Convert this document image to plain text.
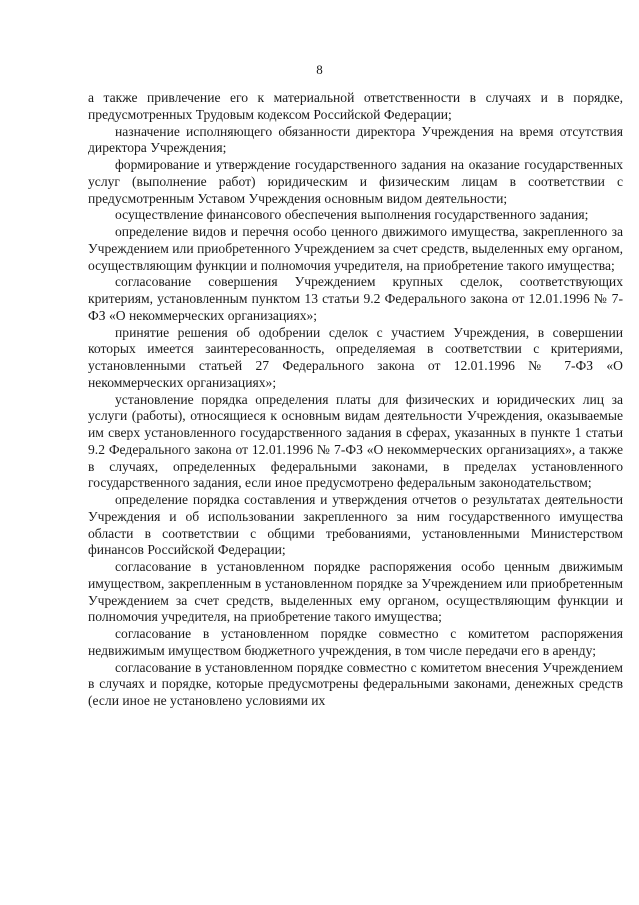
8

а также привлечение его к материальной ответственности в случаях и в порядке, предусмотренных Трудовым кодексом Российской Федерации;

назначение исполняющего обязанности директора Учреждения на время отсутствия директора Учреждения;

формирование и утверждение государственного задания на оказание государственных услуг (выполнение работ) юридическим и физическим лицам в соответствии с предусмотренным Уставом Учреждения основным видом деятельности;

осуществление финансового обеспечения выполнения государственного задания;

определение видов и перечня особо ценного движимого имущества, закрепленного за Учреждением или приобретенного Учреждением за счет средств, выделенных ему органом, осуществляющим функции и полномочия учредителя, на приобретение такого имущества;

согласование совершения Учреждением крупных сделок, соответствующих критериям, установленным пунктом 13 статьи 9.2 Федерального закона от 12.01.1996 № 7-ФЗ «О некоммерческих организациях»;

принятие решения об одобрении сделок с участием Учреждения, в совершении которых имеется заинтересованность, определяемая в соответствии с критериями, установленными статьей 27 Федерального закона от 12.01.1996 № 7-ФЗ «О некоммерческих организациях»;

установление порядка определения платы для физических и юридических лиц за услуги (работы), относящиеся к основным видам деятельности Учреждения, оказываемые им сверх установленного государственного задания в сферах, указанных в пункте 1 статьи 9.2 Федерального закона от 12.01.1996 № 7-ФЗ «О некоммерческих организациях», а также в случаях, определенных федеральными законами, в пределах установленного государственного задания, если иное предусмотрено федеральным законодательством;

определение порядка составления и утверждения отчетов о результатах деятельности Учреждения и об использовании закрепленного за ним государственного имущества области в соответствии с общими требованиями, установленными Министерством финансов Российской Федерации;

согласование в установленном порядке распоряжения особо ценным движимым имуществом, закрепленным в установленном порядке за Учреждением или приобретенным Учреждением за счет средств, выделенных ему органом, осуществляющим функции и полномочия учредителя, на приобретение такого имущества;

согласование в установленном порядке совместно с комитетом распоряжения недвижимым имуществом бюджетного учреждения, в том числе передачи его в аренду;

согласование в установленном порядке совместно с комитетом внесения Учреждением в случаях и порядке, которые предусмотрены федеральными законами, денежных средств (если иное не установлено условиями их
